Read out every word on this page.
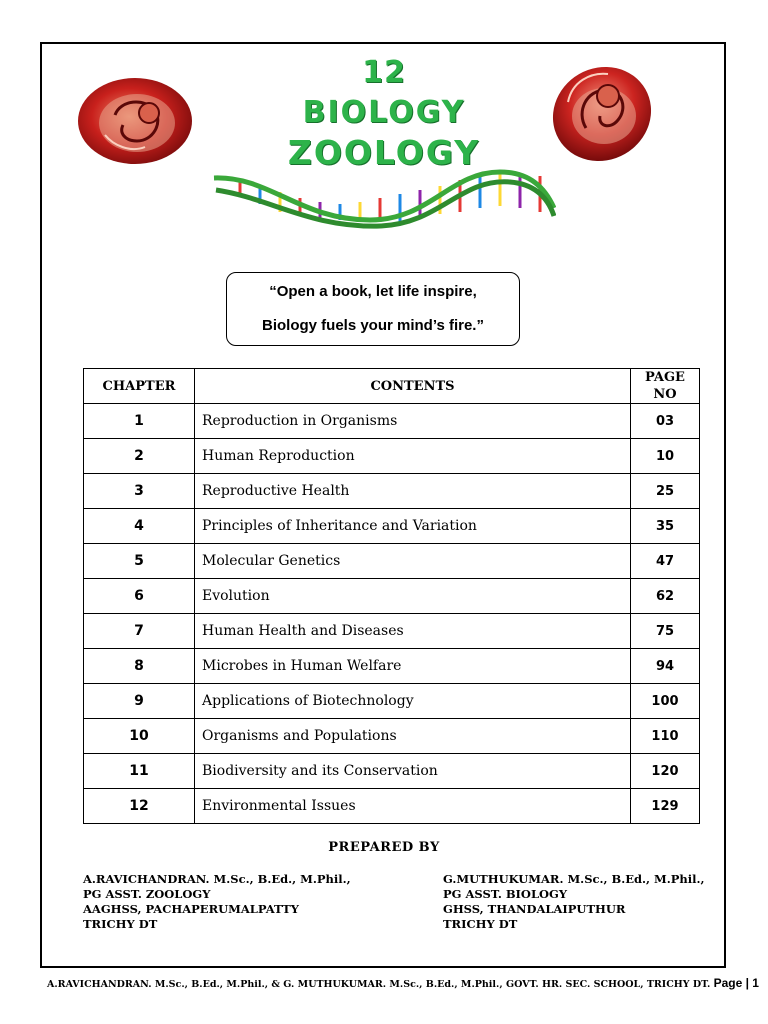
12
BIOLOGY
ZOOLOGY
“Open a book, let life inspire,
Biology fuels your mind’s fire.”
CHAPTER	CONTENTS	PAGE NO
1	Reproduction in Organisms	03
2	Human Reproduction	10
3	Reproductive Health	25
4	Principles of Inheritance and Variation	35
5	Molecular Genetics	47
6	Evolution	62
7	Human Health and Diseases	75
8	Microbes in Human Welfare	94
9	Applications of Biotechnology	100
10	Organisms and Populations	110
11	Biodiversity and its Conservation	120
12	Environmental Issues	129
PREPARED BY
A.RAVICHANDRAN. M.Sc., B.Ed., M.Phil.,
PG ASST. ZOOLOGY
AAGHSS, PACHAPERUMALPATTY
TRICHY DT
G.MUTHUKUMAR. M.Sc., B.Ed., M.Phil.,
PG ASST. BIOLOGY
GHSS, THANDALAIPUTHUR
TRICHY DT
A.RAVICHANDRAN. M.Sc., B.Ed., M.Phil., & G. MUTHUKUMAR. M.Sc., B.Ed., M.Phil., GOVT. HR. SEC. SCHOOL, TRICHY DT. Page | 1
